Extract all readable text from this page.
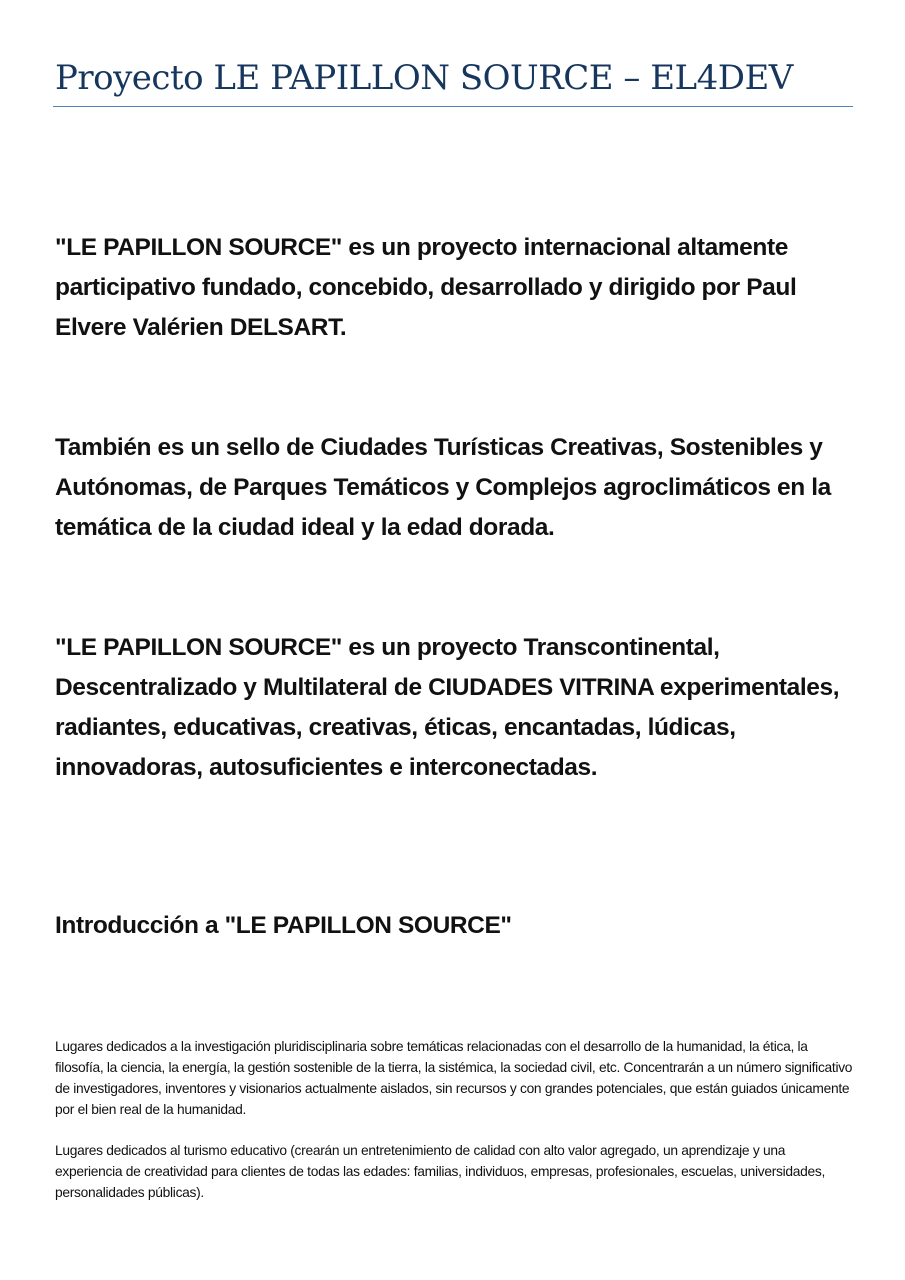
Proyecto LE PAPILLON SOURCE – EL4DEV

"LE PAPILLON SOURCE" es un proyecto internacional altamente participativo fundado, concebido, desarrollado y dirigido por Paul Elvere Valérien DELSART.

También es un sello de Ciudades Turísticas Creativas, Sostenibles y Autónomas, de Parques Temáticos y Complejos agroclimáticos en la temática de la ciudad ideal y la edad dorada.

"LE PAPILLON SOURCE" es un proyecto Transcontinental, Descentralizado y Multilateral de CIUDADES VITRINA experimentales, radiantes, educativas, creativas, éticas, encantadas, lúdicas, innovadoras, autosuficientes e interconectadas.

Introducción a "LE PAPILLON SOURCE"

Lugares dedicados a la investigación pluridisciplinaria sobre temáticas relacionadas con el desarrollo de la humanidad, la ética, la filosofía, la ciencia, la energía, la gestión sostenible de la tierra, la sistémica, la sociedad civil, etc. Concentrarán a un número significativo de investigadores, inventores y visionarios actualmente aislados, sin recursos y con grandes potenciales, que están guiados únicamente por el bien real de la humanidad.

Lugares dedicados al turismo educativo (crearán un entretenimiento de calidad con alto valor agregado, un aprendizaje y una experiencia de creatividad para clientes de todas las edades: familias, individuos, empresas, profesionales, escuelas, universidades, personalidades públicas).
